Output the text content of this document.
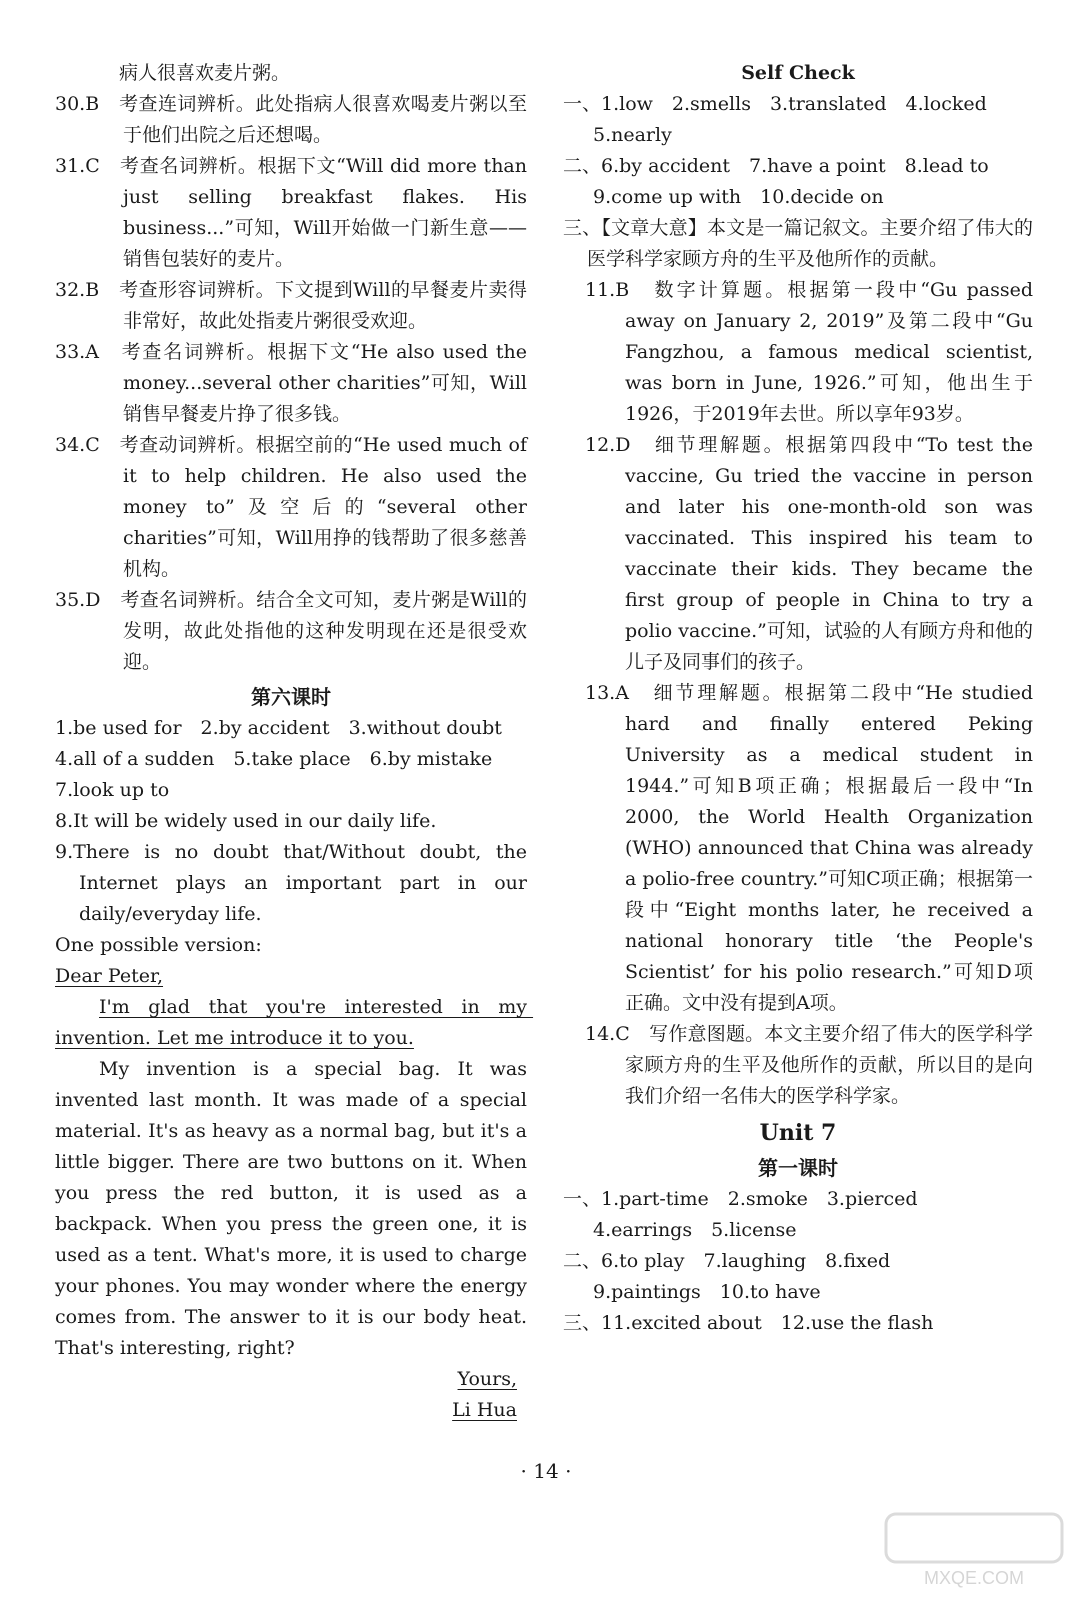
病人很喜欢麦片粥。

30.B　考查连词辨析。此处指病人很喜欢喝麦片粥以至于他们出院之后还想喝。

31.C　考查名词辨析。根据下文“Will did more than just selling breakfast flakes. His business...”可知，Will开始做一门新生意——销售包装好的麦片。

32.B　考查形容词辨析。下文提到Will的早餐麦片卖得非常好，故此处指麦片粥很受欢迎。

33.A　考查名词辨析。根据下文“He also used the money...several other charities”可知，Will销售早餐麦片挣了很多钱。

34.C　考查动词辨析。根据空前的“He used much of it to help children. He also used the money to”及空后的“several other charities”可知，Will用挣的钱帮助了很多慈善机构。

35.D　考查名词辨析。结合全文可知，麦片粥是Will的发明，故此处指他的这种发明现在还是很受欢迎。

第六课时

1.be used for　2.by accident　3.without doubt

4.all of a sudden　5.take place　6.by mistake

7.look up to

8.It will be widely used in our daily life.

9.There is no doubt that/Without doubt, the Internet plays an important part in our daily/everyday life.

One possible version:

Dear Peter,

I'm glad that you're interested in my invention. Let me introduce it to you.

My invention is a special bag. It was invented last month. It was made of a special material. It's as heavy as a normal bag, but it's a little bigger. There are two buttons on it. When you press the red button, it is used as a backpack. When you press the green one, it is used as a tent. What's more, it is used to charge your phones. You may wonder where the energy comes from. The answer to it is our body heat. That's interesting, right?

Yours,

Li Hua

Self Check

一、1.low　2.smells　3.translated　4.locked

5.nearly

二、6.by accident　7.have a point　8.lead to

9.come up with　10.decide on

三、【文章大意】本文是一篇记叙文。主要介绍了伟大的医学科学家顾方舟的生平及他所作的贡献。

11.B　数字计算题。根据第一段中“Gu passed away on January 2, 2019”及第二段中“Gu Fangzhou, a famous medical scientist, was born in June, 1926.”可知，他出生于1926，于2019年去世。所以享年93岁。

12.D　细节理解题。根据第四段中“To test the vaccine, Gu tried the vaccine in person and later his one-month-old son was vaccinated. This inspired his team to vaccinate their kids. They became the first group of people in China to try a polio vaccine.”可知，试验的人有顾方舟和他的儿子及同事们的孩子。

13.A　细节理解题。根据第二段中“He studied hard and finally entered Peking University as a medical student in 1944.”可知B项正确；根据最后一段中“In 2000, the World Health Organization (WHO) announced that China was already a polio-free country.”可知C项正确；根据第一段中“Eight months later, he received a national honorary title ‘the People's Scientist’ for his polio research.”可知D项正确。文中没有提到A项。

14.C　写作意图题。本文主要介绍了伟大的医学科学家顾方舟的生平及他所作的贡献，所以目的是向我们介绍一名伟大的医学科学家。

Unit 7

第一课时

一、1.part-time　2.smoke　3.pierced

4.earrings　5.license

二、6.to play　7.laughing　8.fixed

9.paintings　10.to have

三、11.excited about　12.use the flash

· 14 ·
MXQE.COM
